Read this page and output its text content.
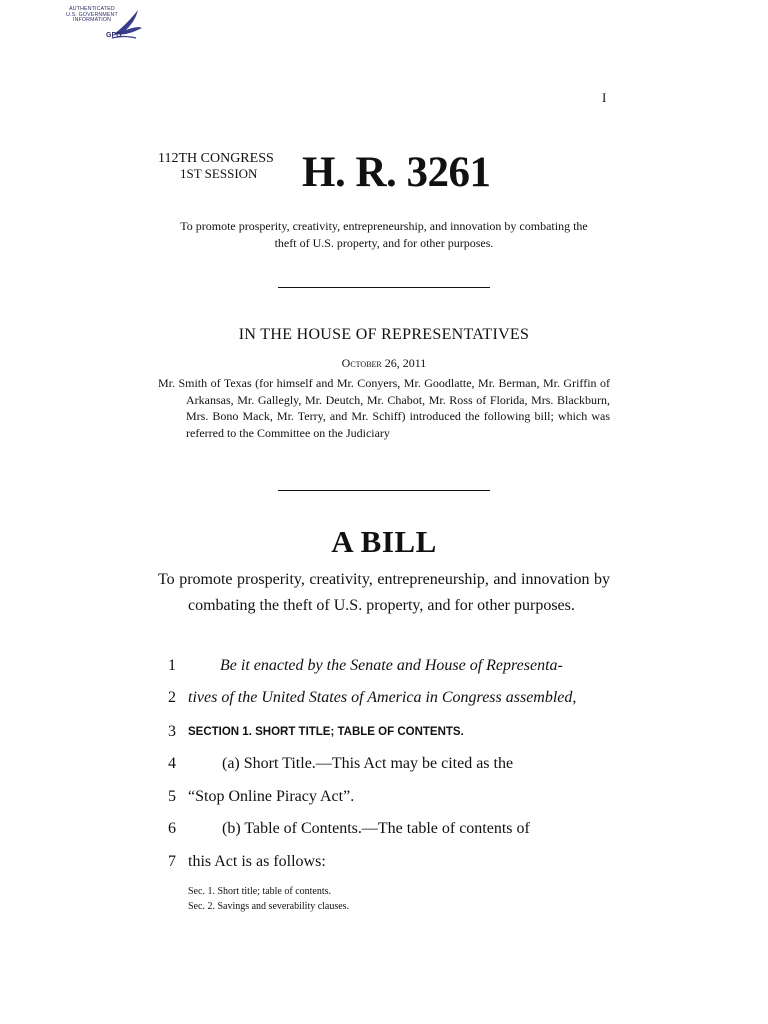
AUTHENTICATED
U.S. GOVERNMENT
INFORMATION
GPO
I
112TH CONGRESS
1ST SESSION H. R. 3261
To promote prosperity, creativity, entrepreneurship, and innovation by combating the theft of U.S. property, and for other purposes.
IN THE HOUSE OF REPRESENTATIVES
October 26, 2011
Mr. Smith of Texas (for himself and Mr. Conyers, Mr. Goodlatte, Mr. Berman, Mr. Griffin of Arkansas, Mr. Gallegly, Mr. Deutch, Mr. Chabot, Mr. Ross of Florida, Mrs. Blackburn, Mrs. Bono Mack, Mr. Terry, and Mr. Schiff) introduced the following bill; which was referred to the Committee on the Judiciary
A BILL
To promote prosperity, creativity, entrepreneurship, and innovation by combating the theft of U.S. property, and for other purposes.
1	Be it enacted by the Senate and House of Representa-
2 tives of the United States of America in Congress assembled,
3 SECTION 1. SHORT TITLE; TABLE OF CONTENTS.
4	(a) Short Title.—This Act may be cited as the
5 “Stop Online Piracy Act”.
6	(b) Table of Contents.—The table of contents of
7 this Act is as follows:
Sec. 1. Short title; table of contents.
Sec. 2. Savings and severability clauses.
